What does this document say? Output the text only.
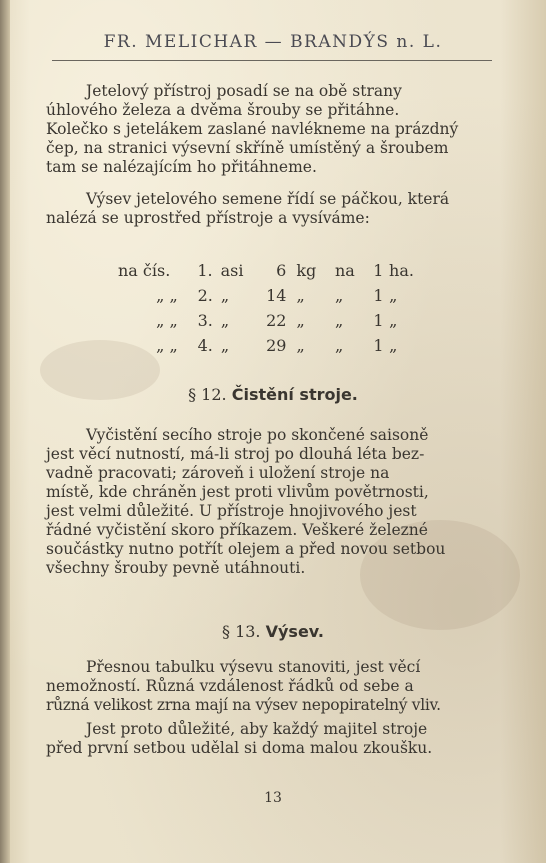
FR. MELICHAR — BRANDÝS n. L.
Jetelový přístroj posadí se na obě strany
úhlového železa a dvěma šrouby se přitáhne.
Kolečko s jetelákem zaslané navlékneme na prázdný
čep, na stranici výsevní skříně umístěný a šroubem
tam se nalézajícím ho přitáhneme.
Výsev jetelového semene řídí se páčkou, která
nalézá se uprostřed přístroje a vysíváme:
na čís.	1. asi	6 kg	na	1 ha.
„ „	2. „	14 „	„	1 „
„ „	3. „	22 „	„	1 „
„ „	4. „	29 „	„	1 „
§ 12. Čistění stroje.
Vyčistění secího stroje po skončené saisoně
jest věcí nutností, má-li stroj po dlouhá léta bez-
vadně pracovati; zároveň i uložení stroje na
místě, kde chráněn jest proti vlivům povětrnosti,
jest velmi důležité. U přístroje hnojivového jest
řádné vyčistění skoro příkazem. Veškeré železné
součástky nutno potřít olejem a před novou setbou
všechny šrouby pevně utáhnouti.
§ 13. Výsev.
Přesnou tabulku výsevu stanoviti, jest věcí
nemožností. Různá vzdálenost řádků od sebe a
různá velikost zrna mají na výsev nepopiratelný vliv.
Jest proto důležité, aby každý majitel stroje
před první setbou udělal si doma malou zkoušku.
13
